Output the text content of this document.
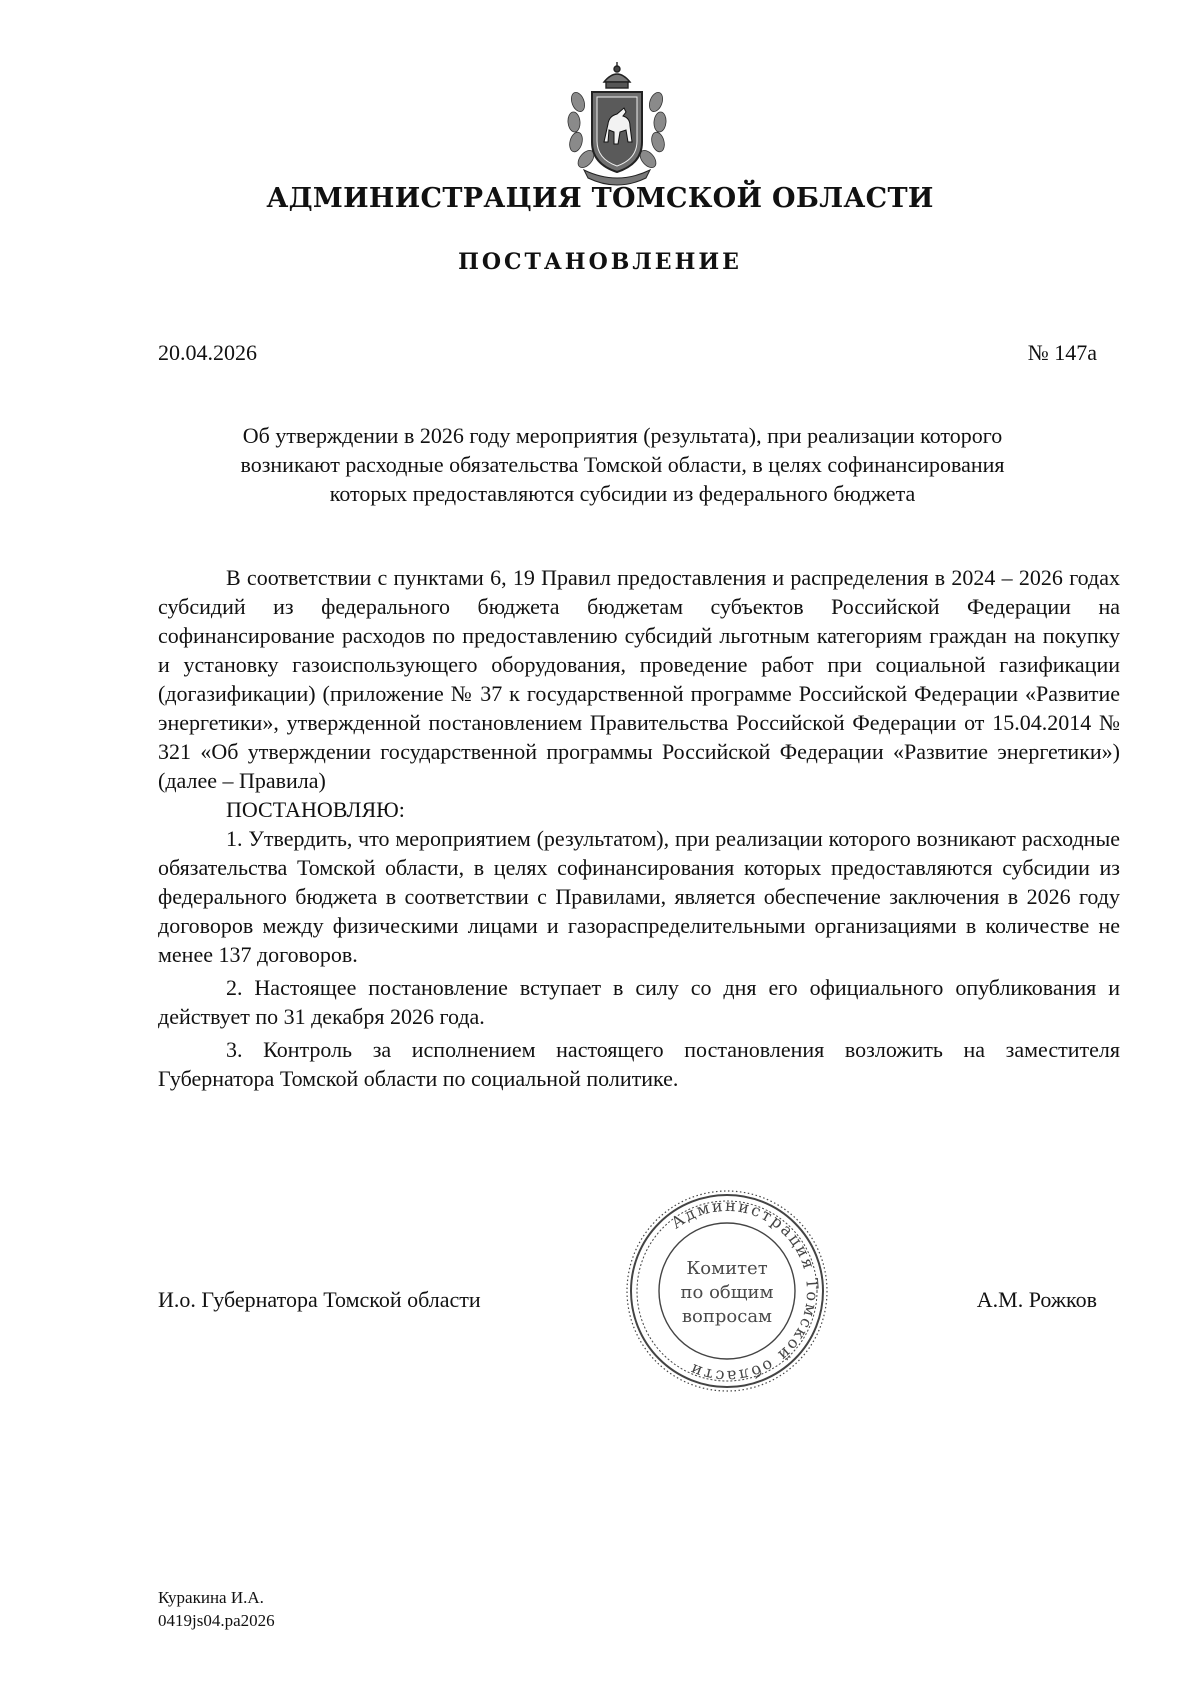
АДМИНИСТРАЦИЯ ТОМСКОЙ ОБЛАСТИ
ПОСТАНОВЛЕНИЕ
20.04.2026	№ 147а
Об утверждении в 2026 году мероприятия (результата), при реализации которого
возникают расходные обязательства Томской области, в целях софинансирования
которых предоставляются субсидии из федерального бюджета

В соответствии с пунктами 6, 19 Правил предоставления и распределения в 2024 – 2026 годах субсидий из федерального бюджета бюджетам субъектов Российской Федерации на софинансирование расходов по предоставлению субсидий льготным категориям граждан на покупку и установку газоиспользующего оборудования, проведение работ при социальной газификации (догазификации) (приложение № 37 к государственной программе Российской Федерации «Развитие энергетики», утвержденной постановлением Правительства Российской Федерации от 15.04.2014 № 321 «Об утверждении государственной программы Российской Федерации «Развитие энергетики») (далее – Правила)

ПОСТАНОВЛЯЮ:

1. Утвердить, что мероприятием (результатом), при реализации которого возникают расходные обязательства Томской области, в целях софинансирования которых предоставляются субсидии из федерального бюджета в соответствии с Правилами, является обеспечение заключения в 2026 году договоров между физическими лицами и газораспределительными организациями в количестве не менее 137 договоров.

2. Настоящее постановление вступает в силу со дня его официального опубликования и действует по 31 декабря 2026 года.

3. Контроль за исполнением настоящего постановления возложить на заместителя Губернатора Томской области по социальной политике.

И.о. Губернатора Томской области
Администрация Томской области
Комитет
по общим
вопросам
А.М. Рожков
Куракина И.А.
0419js04.pa2026
